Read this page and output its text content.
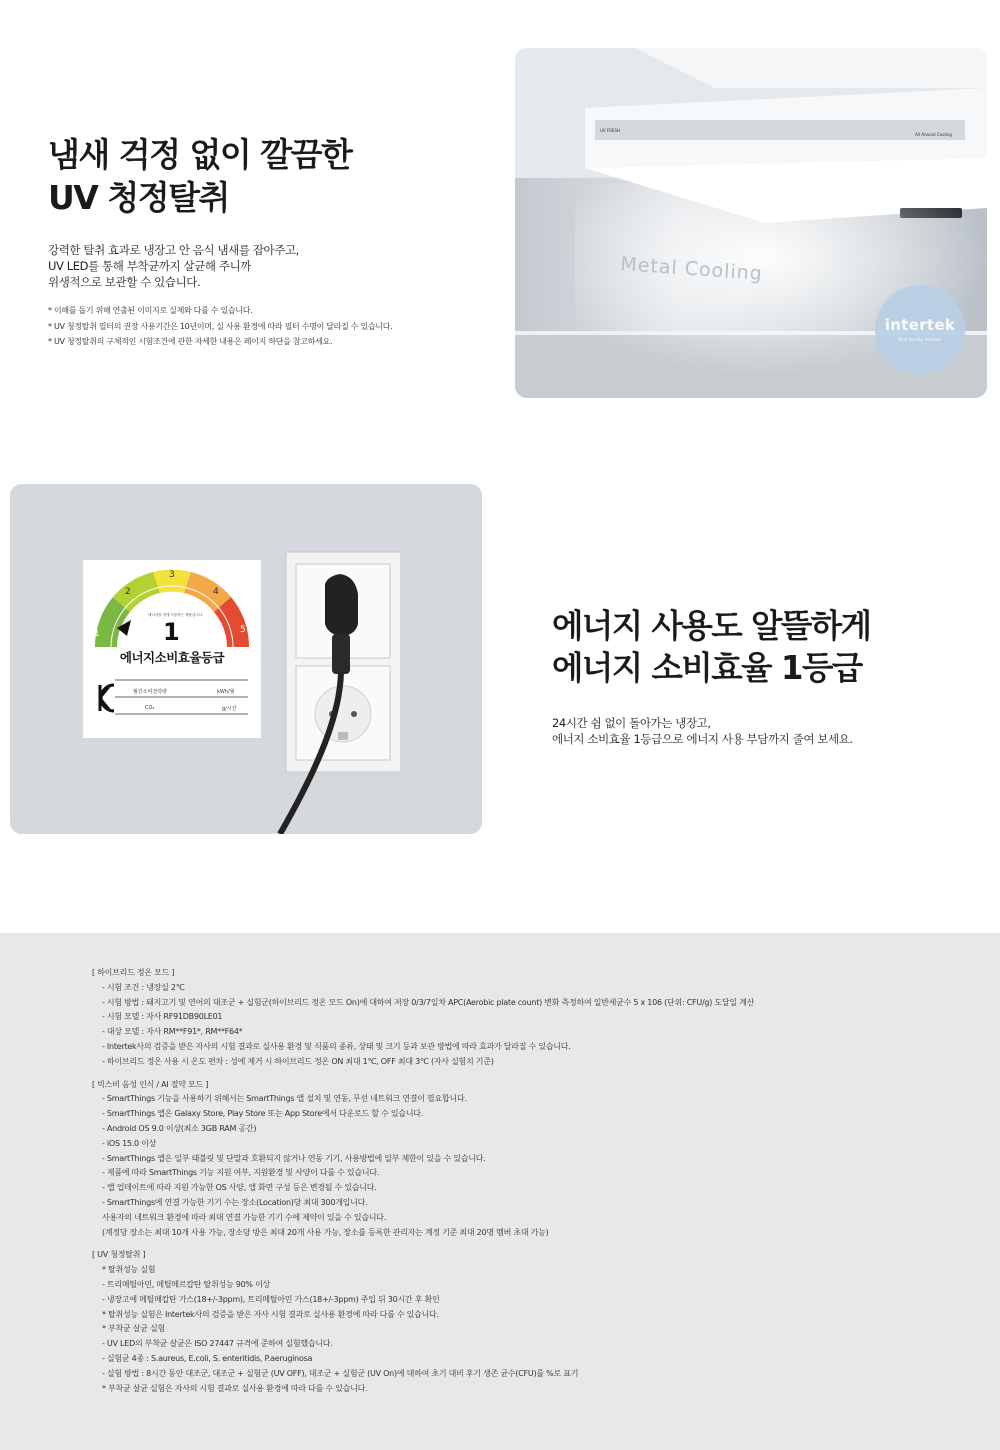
냄새 걱정 없이 깔끔한
UV 청정탈취
강력한 탈취 효과로 냉장고 안 음식 냄새를 잡아주고,
UV LED를 통해 부착균까지 살균해 주니까
위생적으로 보관할 수 있습니다.
* 이해를 돕기 위해 연출된 이미지로 실제와 다를 수 있습니다.
* UV 청정탈취 필터의 권장 사용기간은 10년이며, 실 사용 환경에 따라 필터 수명이 달라질 수 있습니다.
* UV 청정탈취의 구체적인 시험조건에 관한 자세한 내용은 페이지 하단을 참고하세요.
Metal Cooling
UV FRESH
All Around Cooling
intertek
Total Quality. Assured.
1
2
3
4
5
에너지를 적게 사용하는 제품입니다
1
에너지소비효율등급
월간소비전력량	kWh/월
CO₂	g/시간
에너지 사용도 알뜰하게
에너지 소비효율 1등급
24시간 쉼 없이 돌아가는 냉장고,
에너지 소비효율 1등급으로 에너지 사용 부담까지 줄여 보세요.
[ 하이브리드 정온 모드 ]
- 시험 조건 : 냉장실 2℃
- 시험 방법 : 돼지고기 및 연어의 대조군 + 실험군(하이브리드 정온 모드 On)에 대하여 저장 0/3/7일차 APC(Aerobic plate count) 변화 측정하여 일반세균수 5 x 106 (단위: CFU/g) 도달일 계산
- 시험 모델 : 자사 RF91DB90LE01
- 대상 모델 : 자사 RM**F91*, RM**F64*
- Intertek사의 검증을 받은 자사의 시험 결과로 실사용 환경 및 식품의 종류, 상태 및 크기 등과 보관 방법에 따라 효과가 달라질 수 있습니다.
- 하이브리드 정온 사용 시 온도 편차 : 성에 제거 시 하이브리드 정온 ON 최대 1℃, OFF 최대 3℃ (자사 실험치 기준)
[ 빅스비 음성 인식 / AI 절약 모드 ]
- SmartThings 기능을 사용하기 위해서는 SmartThings 앱 설치 및 연동, 무선 네트워크 연결이 필요합니다.
- SmartThings 앱은 Galaxy Store, Play Store 또는 App Store에서 다운로드 할 수 있습니다.
- Android OS 9.0 이상(최소 3GB RAM 공간)
- iOS 15.0 이상
- SmartThings 앱은 일부 태블릿 및 단말과 호환되지 않거나 연동 기기, 사용방법에 일부 제한이 있을 수 있습니다.
- 제품에 따라 SmartThings 기능 지원 여부, 지원환경 및 사양이 다를 수 있습니다.
- 앱 업데이트에 따라 지원 가능한 OS 사양, 앱 화면 구성 등은 변경될 수 있습니다.
- SmartThings에 연결 가능한 기기 수는 장소(Location)당 최대 300개입니다.
사용자의 네트워크 환경에 따라 최대 연결 가능한 기기 수에 제약이 있을 수 있습니다.
(계정당 장소는 최대 10개 사용 가능, 장소당 방은 최대 20개 사용 가능, 장소를 등록한 관리자는 계정 기준 최대 20명 멤버 초대 가능)
[ UV 청정탈취 ]
* 탈취성능 실험
- 트리메틸아민, 메틸메르캅탄 탈취성능 90% 이상
- 냉장고에 메틸메캅탄 가스(18+/-3ppm), 트리메틸아민 가스(18+/-3ppm) 주입 뒤 30시간 후 확인
* 탈취성능 실험은 Intertek사의 검증을 받은 자사 시험 결과로 실사용 환경에 따라 다를 수 있습니다.
* 부착균 살균 실험
- UV LED의 부착균 살균은 ISO 27447 규격에 준하여 실험했습니다.
- 실험균 4종 : S.aureus, E.coli, S. enteritidis, P.aeruginosa
- 실험 방법 : 8시간 동안 대조군, 대조군 + 실험군 (UV OFF), 대조군 + 실험군 (UV On)에 대하여 초기 대비 후기 생존 균수(CFU)를 %로 표기
* 부착균 살균 실험은 자사의 시험 결과로 실사용 환경에 따라 다를 수 있습니다.
